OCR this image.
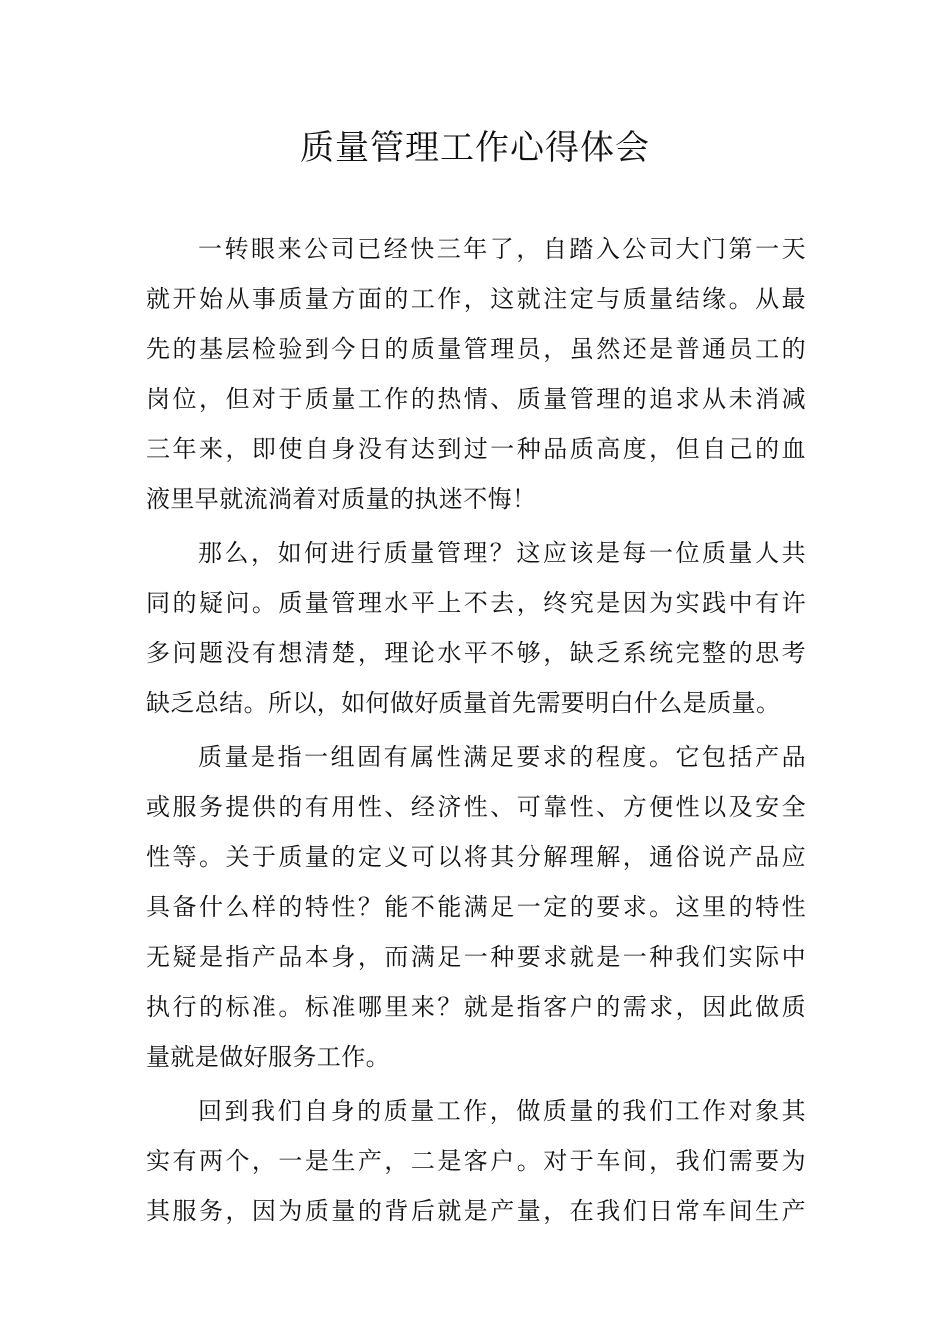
质量管理工作心得体会
一转眼来公司已经快三年了，自踏入公司大门第一天
就开始从事质量方面的工作，这就注定与质量结缘。从最
先的基层检验到今日的质量管理员，虽然还是普通员工的
岗位，但对于质量工作的热情、质量管理的追求从未消减
三年来，即使自身没有达到过一种品质高度，但自己的血
液里早就流淌着对质量的执迷不悔！
那么，如何进行质量管理？这应该是每一位质量人共
同的疑问。质量管理水平上不去，终究是因为实践中有许
多问题没有想清楚，理论水平不够，缺乏系统完整的思考
缺乏总结。所以，如何做好质量首先需要明白什么是质量。
质量是指一组固有属性满足要求的程度。它包括产品
或服务提供的有用性、经济性、可靠性、方便性以及安全
性等。关于质量的定义可以将其分解理解，通俗说产品应
具备什么样的特性？能不能满足一定的要求。这里的特性
无疑是指产品本身，而满足一种要求就是一种我们实际中
执行的标准。标准哪里来？就是指客户的需求，因此做质
量就是做好服务工作。
回到我们自身的质量工作，做质量的我们工作对象其
实有两个，一是生产，二是客户。对于车间，我们需要为
其服务，因为质量的背后就是产量，在我们日常车间生产
